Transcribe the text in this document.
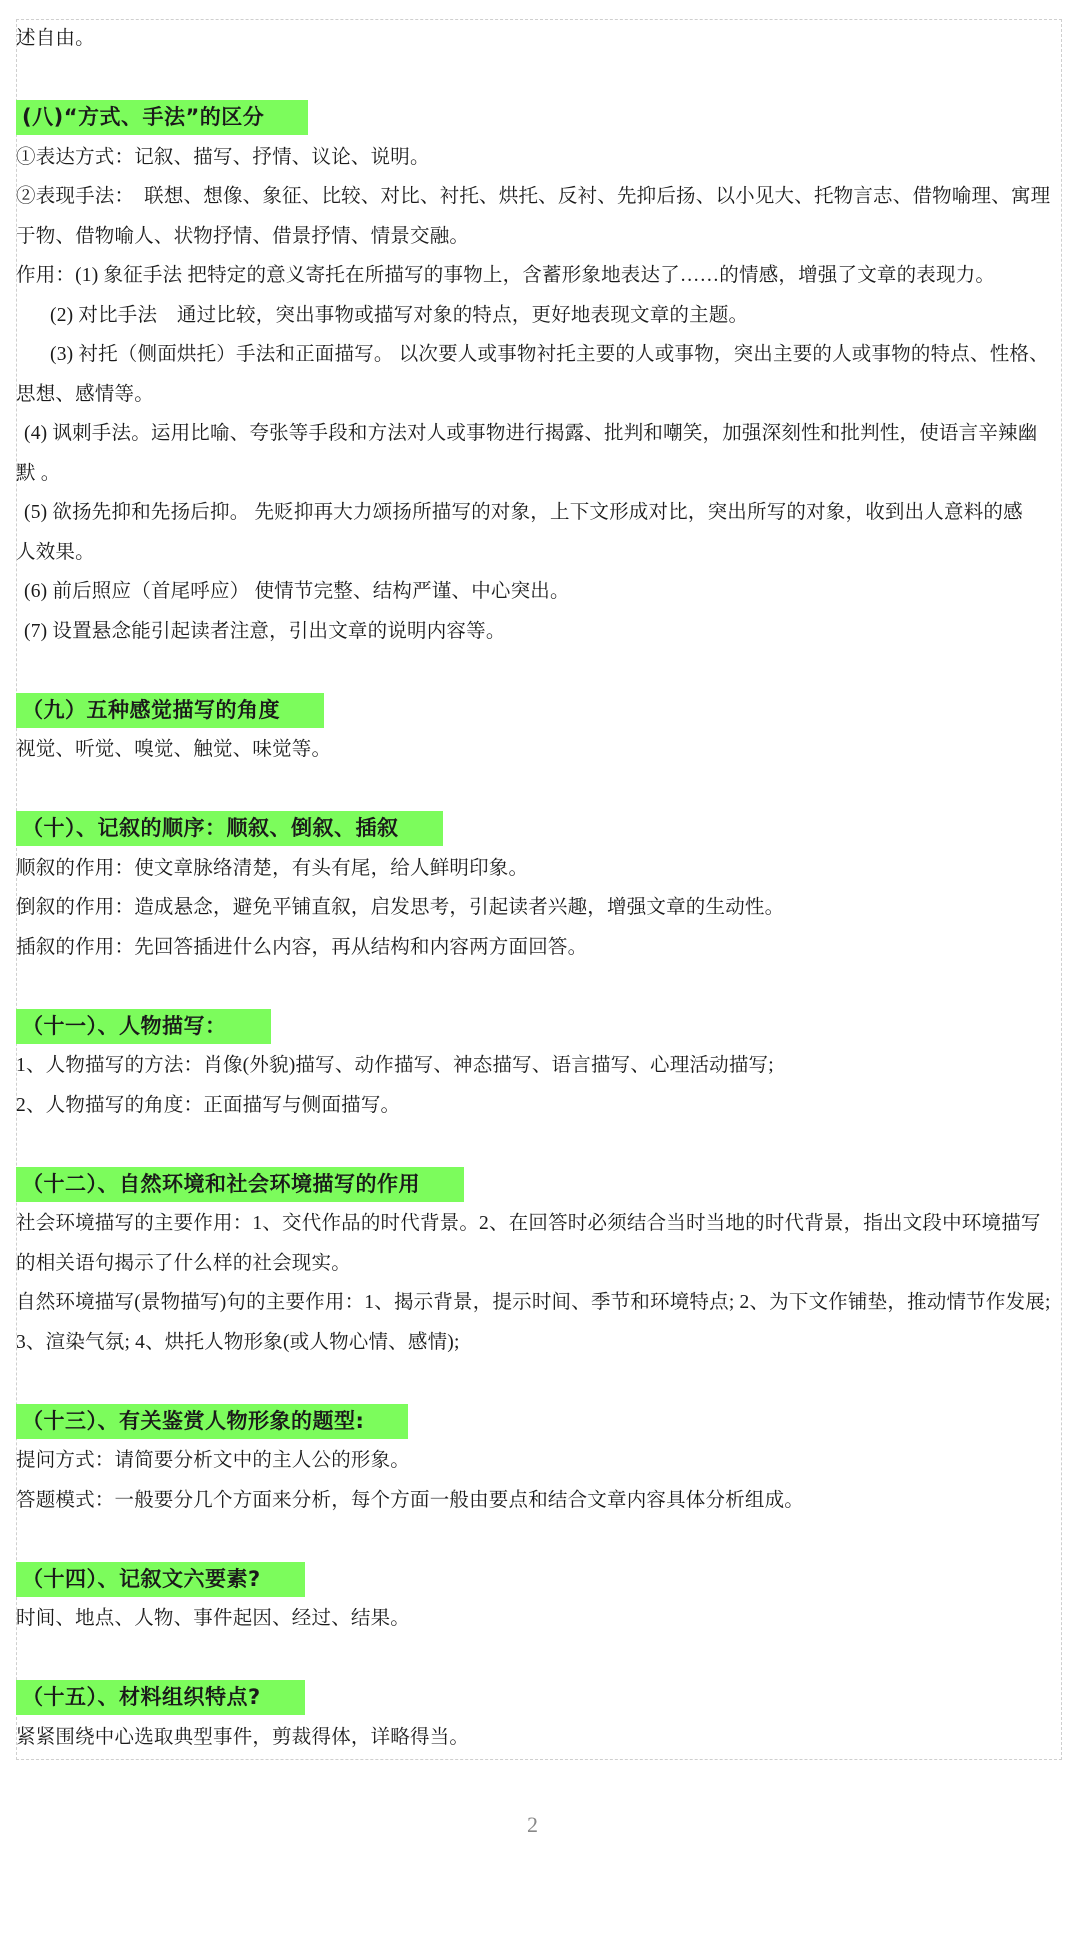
述自由。
(八)“方式、手法”的区分
①表达方式：记叙、描写、抒情、议论、说明。
②表现手法：　联想、想像、象征、比较、对比、衬托、烘托、反衬、先抑后扬、以小见大、托物言志、借物喻理、寓理
于物、借物喻人、状物抒情、借景抒情、情景交融。
作用：(1) 象征手法 把特定的意义寄托在所描写的事物上，含蓄形象地表达了……的情感，增强了文章的表现力。
(2) 对比手法　通过比较，突出事物或描写对象的特点，更好地表现文章的主题。
(3) 衬托（侧面烘托）手法和正面描写。 以次要人或事物衬托主要的人或事物，突出主要的人或事物的特点、性格、
思想、感情等。
(4) 讽刺手法。运用比喻、夸张等手段和方法对人或事物进行揭露、批判和嘲笑，加强深刻性和批判性，使语言辛辣幽
默 。
(5) 欲扬先抑和先扬后抑。 先贬抑再大力颂扬所描写的对象，上下文形成对比，突出所写的对象，收到出人意料的感
人效果。
(6) 前后照应（首尾呼应） 使情节完整、结构严谨、中心突出。
(7) 设置悬念能引起读者注意，引出文章的说明内容等。
（九）五种感觉描写的角度
视觉、听觉、嗅觉、触觉、味觉等。
（十）、记叙的顺序：顺叙、倒叙、插叙
顺叙的作用：使文章脉络清楚，有头有尾，给人鲜明印象。
倒叙的作用：造成悬念，避免平铺直叙，启发思考，引起读者兴趣，增强文章的生动性。
插叙的作用：先回答插进什么内容，再从结构和内容两方面回答。
（十一）、人物描写：
1、人物描写的方法：肖像(外貌)描写、动作描写、神态描写、语言描写、心理活动描写;
2、人物描写的角度：正面描写与侧面描写。
（十二）、自然环境和社会环境描写的作用
社会环境描写的主要作用：1、交代作品的时代背景。2、在回答时必须结合当时当地的时代背景，指出文段中环境描写
的相关语句揭示了什么样的社会现实。
自然环境描写(景物描写)句的主要作用：1、揭示背景，提示时间、季节和环境特点; 2、为下文作铺垫，推动情节作发展;
3、渲染气氛; 4、烘托人物形象(或人物心情、感情);
（十三）、有关鉴赏人物形象的题型:
提问方式：请简要分析文中的主人公的形象。
答题模式：一般要分几个方面来分析，每个方面一般由要点和结合文章内容具体分析组成。
（十四）、记叙文六要素?
时间、地点、人物、事件起因、经过、结果。
（十五）、材料组织特点?
紧紧围绕中心选取典型事件，剪裁得体，详略得当。
2
